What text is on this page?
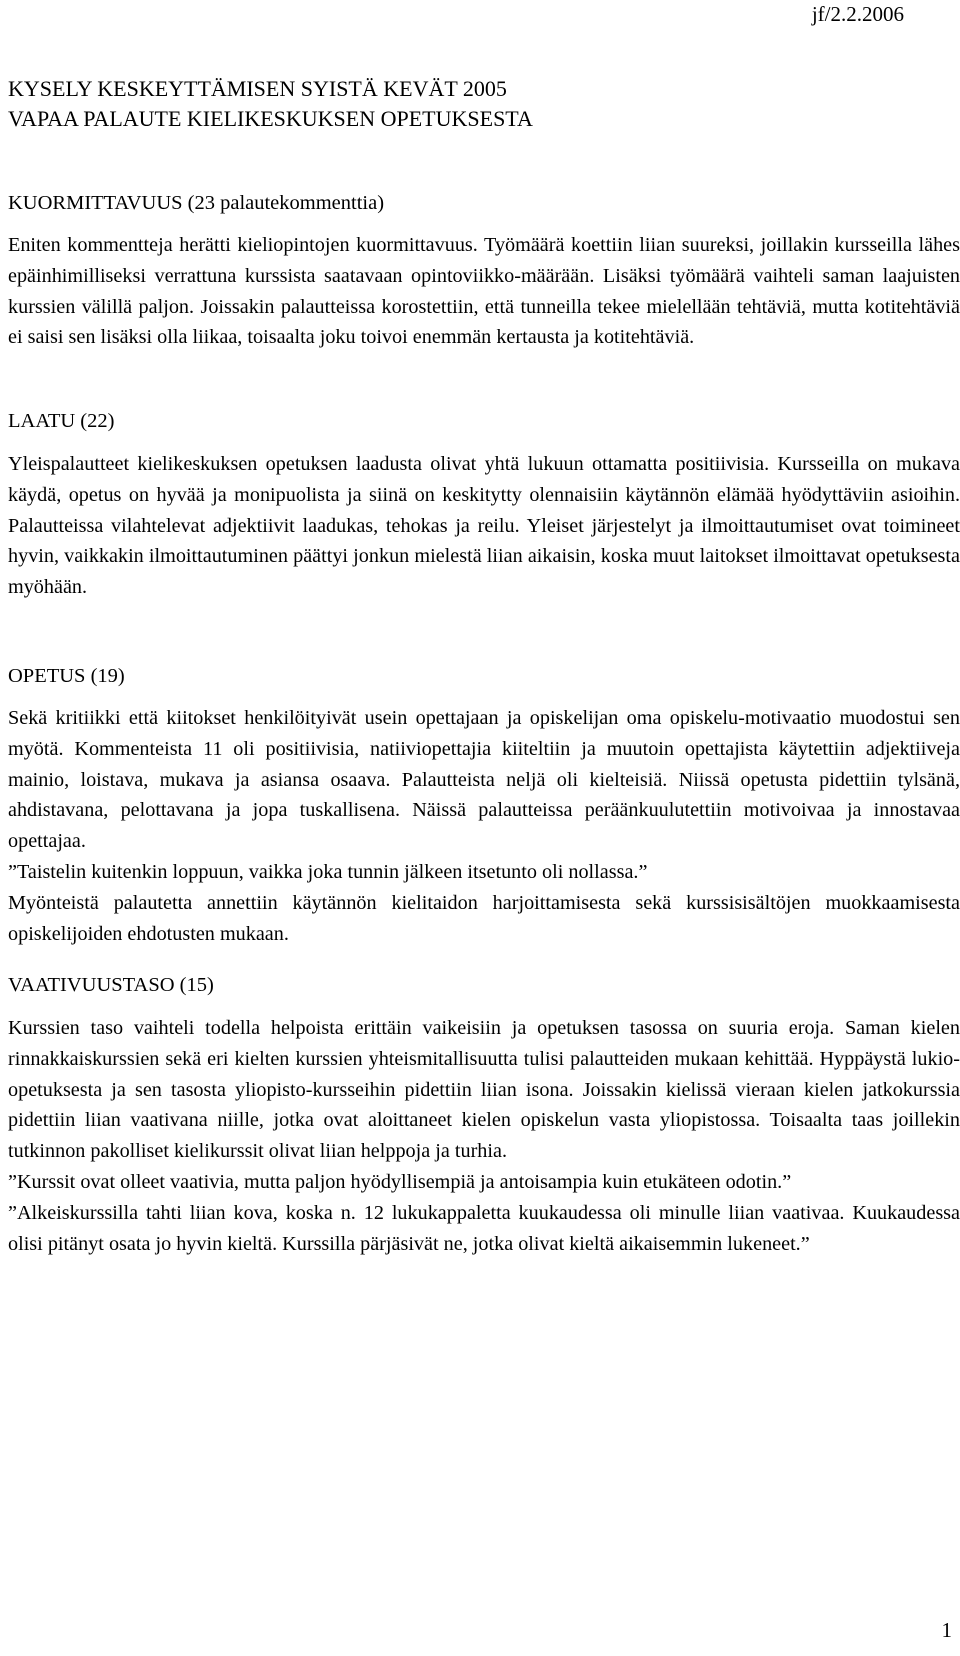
jf/2.2.2006
KYSELY KESKEYTTÄMISEN SYISTÄ KEVÄT 2005
VAPAA PALAUTE KIELIKESKUKSEN OPETUKSESTA
KUORMITTAVUUS (23 palautekommenttia)
Eniten kommentteja herätti kieliopintojen kuormittavuus. Työmäärä koettiin liian suureksi, joillakin kursseilla lähes epäinhimilliseksi verrattuna kurssista saatavaan opintoviikko-määrään. Lisäksi työmäärä vaihteli saman laajuisten kurssien välillä paljon. Joissakin palautteissa korostettiin, että tunneilla tekee mielellään tehtäviä, mutta kotitehtäviä ei saisi sen lisäksi olla liikaa, toisaalta joku toivoi enemmän kertausta ja kotitehtäviä.
LAATU (22)
Yleispalautteet kielikeskuksen opetuksen laadusta olivat yhtä lukuun ottamatta positiivisia. Kursseilla on mukava käydä, opetus on hyvää ja monipuolista ja siinä on keskitytty olennaisiin käytännön elämää hyödyttäviin asioihin. Palautteissa vilahtelevat adjektiivit laadukas, tehokas ja reilu. Yleiset järjestelyt ja ilmoittautumiset ovat toimineet hyvin, vaikkakin ilmoittautuminen päättyi jonkun mielestä liian aikaisin, koska muut laitokset ilmoittavat opetuksesta myöhään.
OPETUS (19)
Sekä kritiikki että kiitokset henkilöityivät usein opettajaan ja opiskelijan oma opiskelu-motivaatio muodostui sen myötä. Kommenteista 11 oli positiivisia, natiiviopettajia kiiteltiin ja muutoin opettajista käytettiin adjektiiveja mainio, loistava, mukava ja asiansa osaava. Palautteista neljä oli kielteisiä. Niissä opetusta pidettiin tylsänä, ahdistavana, pelottavana ja jopa tuskallisena. Näissä palautteissa peräänkuulutettiin motivoivaa ja innostavaa opettajaa.
”Taistelin kuitenkin loppuun, vaikka joka tunnin jälkeen itsetunto oli nollassa.”
Myönteistä palautetta annettiin käytännön kielitaidon harjoittamisesta sekä kurssisisältöjen muokkaamisesta opiskelijoiden ehdotusten mukaan.
VAATIVUUSTASO (15)
Kurssien taso vaihteli todella helpoista erittäin vaikeisiin ja opetuksen tasossa on suuria eroja. Saman kielen rinnakkaiskurssien sekä eri kielten kurssien yhteismitallisuutta tulisi palautteiden mukaan kehittää. Hyppäystä lukio-opetuksesta ja sen tasosta yliopisto-kursseihin pidettiin liian isona. Joissakin kielissä vieraan kielen jatkokurssia pidettiin liian vaativana niille, jotka ovat aloittaneet kielen opiskelun vasta yliopistossa. Toisaalta taas joillekin tutkinnon pakolliset kielikurssit olivat liian helppoja ja turhia.
”Kurssit ovat olleet vaativia, mutta paljon hyödyllisempiä ja antoisampia kuin etukäteen odotin.”
”Alkeiskurssilla tahti liian kova, koska n. 12 lukukappaletta kuukaudessa oli minulle liian vaativaa. Kuukaudessa olisi pitänyt osata jo hyvin kieltä. Kurssilla pärjäsivät ne, jotka olivat kieltä aikaisemmin lukeneet.”
1
